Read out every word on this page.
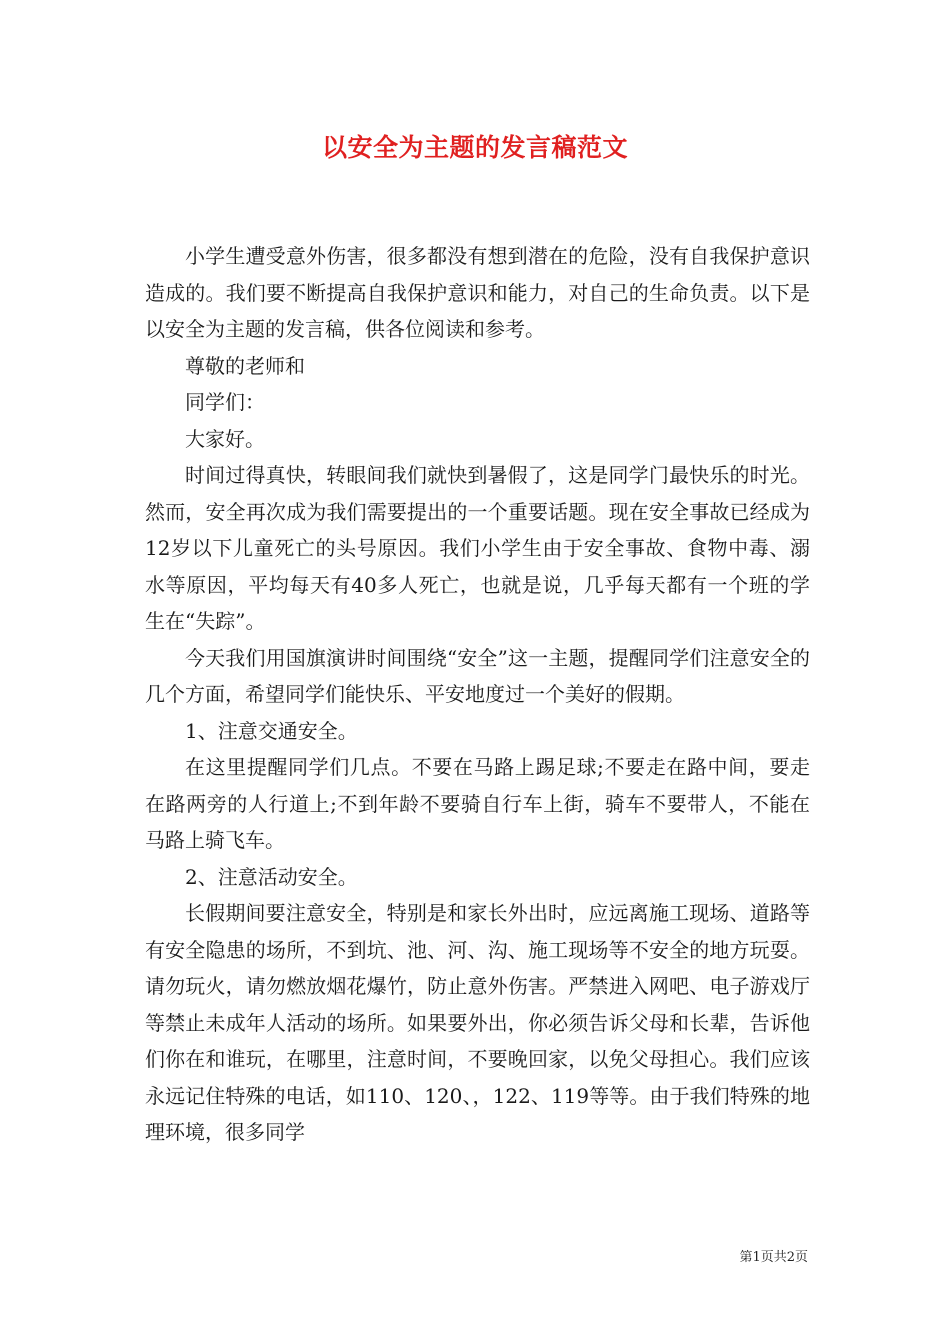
以安全为主题的发言稿范文

小学生遭受意外伤害，很多都没有想到潜在的危险，没有自我保护意识造成的。我们要不断提高自我保护意识和能力，对自己的生命负责。以下是以安全为主题的发言稿，供各位阅读和参考。

尊敬的老师和

同学们：

大家好。

时间过得真快，转眼间我们就快到暑假了，这是同学门最快乐的时光。然而，安全再次成为我们需要提出的一个重要话题。现在安全事故已经成为12岁以下儿童死亡的头号原因。我们小学生由于安全事故、食物中毒、溺水等原因，平均每天有40多人死亡，也就是说，几乎每天都有一个班的学生在“失踪”。

今天我们用国旗演讲时间围绕“安全”这一主题，提醒同学们注意安全的几个方面，希望同学们能快乐、平安地度过一个美好的假期。

1、注意交通安全。

在这里提醒同学们几点。不要在马路上踢足球;不要走在路中间，要走在路两旁的人行道上;不到年龄不要骑自行车上街，骑车不要带人，不能在马路上骑飞车。

2、注意活动安全。

长假期间要注意安全，特别是和家长外出时，应远离施工现场、道路等有安全隐患的场所，不到坑、池、河、沟、施工现场等不安全的地方玩耍。请勿玩火，请勿燃放烟花爆竹，防止意外伤害。严禁进入网吧、电子游戏厅等禁止未成年人活动的场所。如果要外出，你必须告诉父母和长辈，告诉他们你在和谁玩，在哪里，注意时间，不要晚回家，以免父母担心。我们应该永远记住特殊的电话，如110、120、，122、119等等。由于我们特殊的地理环境，很多同学

第1页共2页
